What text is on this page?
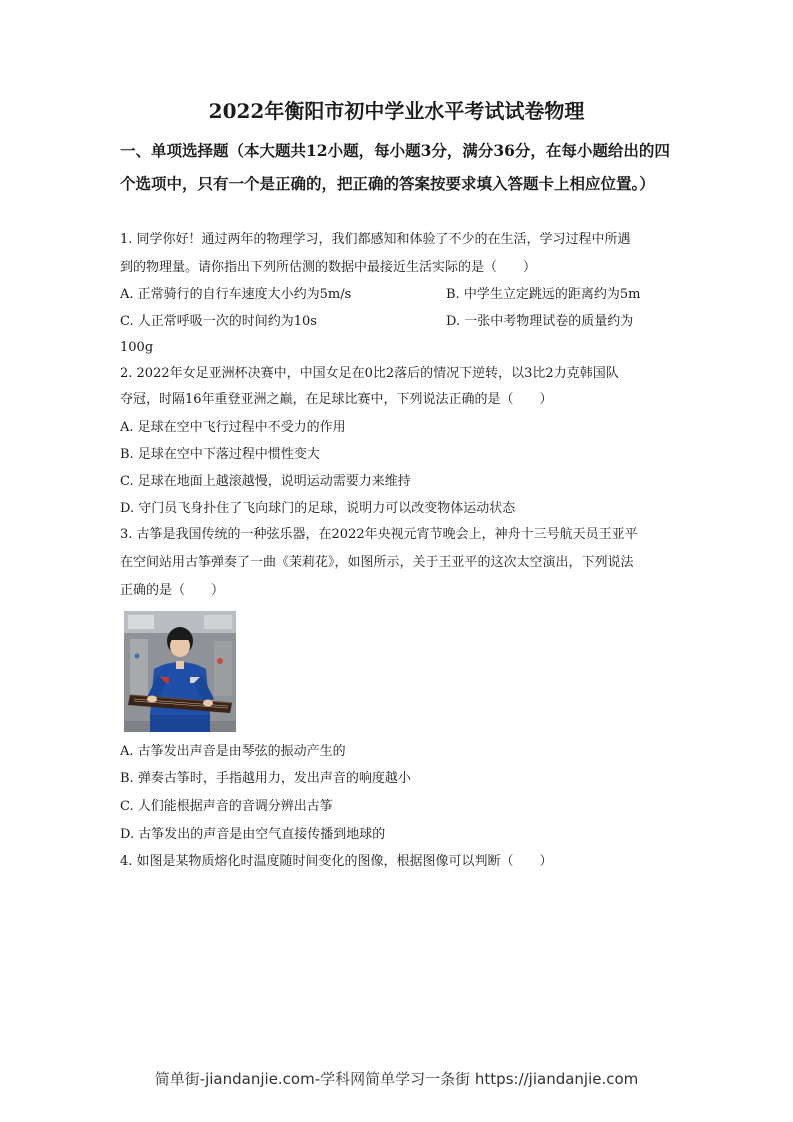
2022年衡阳市初中学业水平考试试卷物理
一、单项选择题（本大题共12小题，每小题3分，满分36分，在每小题给出的四个选项中，只有一个是正确的，把正确的答案按要求填入答题卡上相应位置。）
1. 同学你好！通过两年的物理学习，我们都感知和体验了不少的在生活，学习过程中所遇
到的物理量。请你指出下列所估测的数据中最接近生活实际的是（　　）
A. 正常骑行的自行车速度大小约为5m/s	B. 中学生立定跳远的距离约为5m
C. 人正常呼吸一次的时间约为10s	D. 一张中考物理试卷的质量约为
100g
2. 2022年女足亚洲杯决赛中，中国女足在0比2落后的情况下逆转，以3比2力克韩国队
夺冠，时隔16年重登亚洲之巅，在足球比赛中，下列说法正确的是（　　）
A. 足球在空中飞行过程中不受力的作用
B. 足球在空中下落过程中惯性变大
C. 足球在地面上越滚越慢，说明运动需要力来维持
D. 守门员飞身扑住了飞向球门的足球，说明力可以改变物体运动状态
3. 古筝是我国传统的一种弦乐器，在2022年央视元宵节晚会上，神舟十三号航天员王亚平
在空间站用古筝弹奏了一曲《茉莉花》，如图所示，关于王亚平的这次太空演出，下列说法
正确的是（　　）
A. 古筝发出声音是由琴弦的振动产生的
B. 弹奏古筝时，手指越用力，发出声音的响度越小
C. 人们能根据声音的音调分辨出古筝
D. 古筝发出的声音是由空气直接传播到地球的
4. 如图是某物质熔化时温度随时间变化的图像，根据图像可以判断（　　）
简单街-jiandanjie.com-学科网简单学习一条街 https://jiandanjie.com
